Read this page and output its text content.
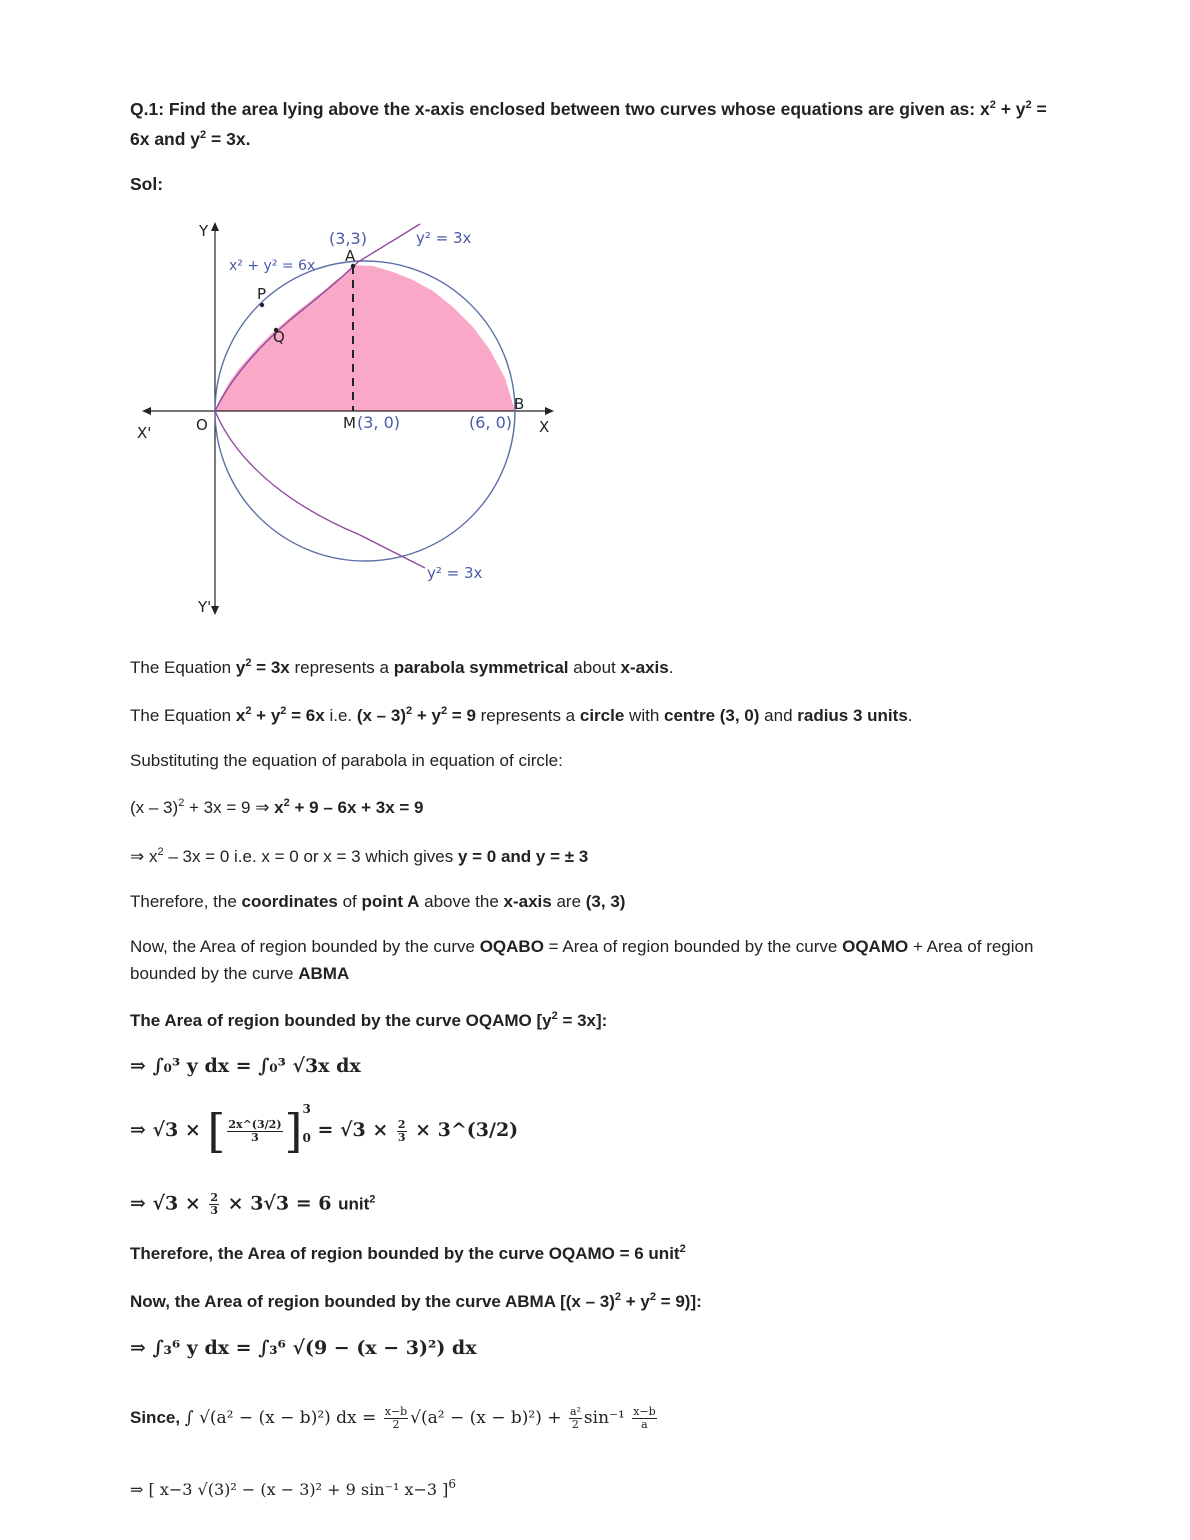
Q.1: Find the area lying above the x-axis enclosed between two curves whose equations are given as: $x^2 + y^2$ =
6x and $y^2 = 3x$.
Sol:
Y
Y'
X
X'	O
(3,3)
A
y² = 3x
x² + y² = 6x
P
Q
B
M (3, 0)	(6, 0)
y² = 3x
The Equation $y^2 = 3x$ represents a parabola symmetrical about x-axis.
The Equation $x^2 + y^2 = 6x$ i.e. $(x - 3)^2 + y^2 = 9$ represents a circle with centre (3, 0) and radius 3 units.
Substituting the equation of parabola in equation of circle:
(x – 3)$^2$ + 3x = 9 ⇒ $x^2 + 9 - 6x + 3x = 9$
⇒ $x^2 - 3x = 0$ i.e. x = 0 or x = 3 which gives y = 0 and y = ± 3
Therefore, the coordinates of point A above the x-axis are (3, 3)
Now, the Area of region bounded by the curve OQABO = Area of region bounded by the curve OQAMO + Area of region
bounded by the curve ABMA
The Area of region bounded by the curve OQAMO $[y^2 = 3x]$:
⇒ ∫₀³ y dx = ∫₀³ √3x dx
⇒ √3 × [ $\frac{2x\^{}(3/2)}{3}$ ] 3
$0 = √3 \times \frac{2}{3}$ × 3^(3/2)
⇒ $√3 \times \frac{2}{3} \times 3√3 = 6$ unit$^2$
Therefore, the Area of region bounded by the curve OQAMO = 6 unit$^2$
Now, the Area of region bounded by the curve ABMA $[(x - 3)^2 + y^2 = 9)$]:
⇒ ∫₃⁶ y dx = ∫₃⁶ √(9 − (x − 3)²) dx
Since, ∫ √(a² − (x − b)²) dx = $\frac{x-b}{2} √(a^2 - (x - b)^2) + \frac{\text{a²}}{2} \sin^{-1} \frac{x-b}{a}$
⇒ [ x−3 √(3)² − (x − 3)² + 9 sin⁻¹ x−3 ]$^6$
